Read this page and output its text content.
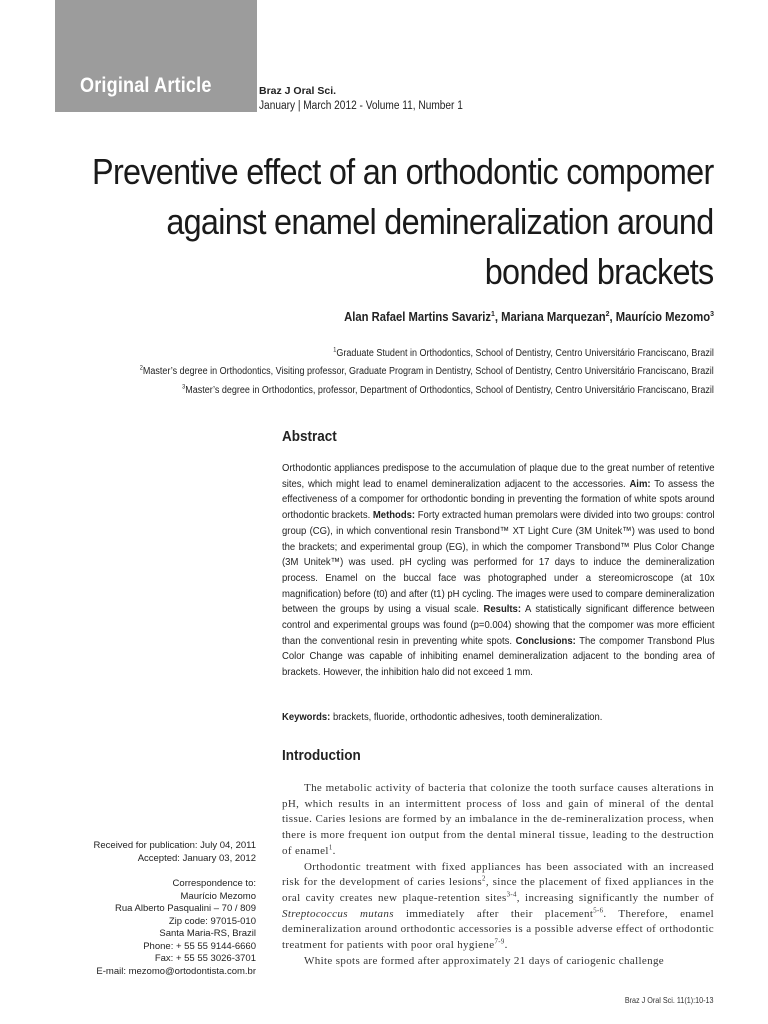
Original Article	Braz J Oral Sci.
January | March 2012 - Volume 11, Number 1
Preventive effect of an orthodontic compomer
against enamel demineralization around
bonded brackets
Alan Rafael Martins Savariz$^1$, Mariana Marquezan$^2$, Maurício Mezomo$^3$
$^1$Graduate Student in Orthodontics, School of Dentistry, Centro Universitário Franciscano, Brazil
$^2$Master’s degree in Orthodontics, Visiting professor, Graduate Program in Dentistry, School of Dentistry, Centro Universitário Franciscano, Brazil
$^3$Master’s degree in Orthodontics, professor, Department of Orthodontics, School of Dentistry, Centro Universitário Franciscano, Brazil
Abstract
Orthodontic appliances predispose to the accumulation of plaque due to the great number of retentive sites, which might lead to enamel demineralization adjacent to the accessories. Aim: To assess the effectiveness of a compomer for orthodontic bonding in preventing the formation of white spots around orthodontic brackets. Methods: Forty extracted human premolars were divided into two groups: control group (CG), in which conventional resin Transbond™ XT Light Cure (3M Unitek™) was used to bond the brackets; and experimental group (EG), in which the compomer Transbond™ Plus Color Change (3M Unitek™) was used. pH cycling was performed for 17 days to induce the demineralization process. Enamel on the buccal face was photographed under a stereomicroscope (at 10x magnification) before (t0) and after (t1) pH cycling. The images were used to compare demineralization between the groups by using a visual scale. Results: A statistically significant difference between control and experimental groups was found (p=0.004) showing that the compomer was more efficient than the conventional resin in preventing white spots. Conclusions: The compomer Transbond Plus Color Change was capable of inhibiting enamel demineralization adjacent to the bonding area of brackets. However, the inhibition halo did not exceed 1 mm.
Keywords: brackets, fluoride, orthodontic adhesives, tooth demineralization.
Introduction

The metabolic activity of bacteria that colonize the tooth surface causes alterations in pH, which results in an intermittent process of loss and gain of mineral of the dental tissue. Caries lesions are formed by an imbalance in the de-remineralization process, when there is more frequent ion output from the dental mineral tissue, leading to the destruction of enamel$^1$.

Orthodontic treatment with fixed appliances has been associated with an increased risk for the development of caries lesions$^2$, since the placement of fixed appliances in the oral cavity creates new plaque-retention sites$^{3-4}$, increasing significantly the number of Streptococcus mutans immediately after their placement$^{5-6}$. Therefore, enamel demineralization around orthodontic accessories is a possible adverse effect of orthodontic treatment for patients with poor oral hygiene$^{7-9}$.

White spots are formed after approximately 21 days of cariogenic challenge

Received for publication: July 04, 2011
Accepted: January 03, 2012
Correspondence to:
Maurício Mezomo
Rua Alberto Pasqualini – 70 / 809
Zip code: 97015-010
Santa Maria-RS, Brazil
Phone: + 55 55 9144-6660
Fax: + 55 55 3026-3701
E-mail: mezomo@ortodontista.com.br
Braz J Oral Sci. 11(1):10-13
